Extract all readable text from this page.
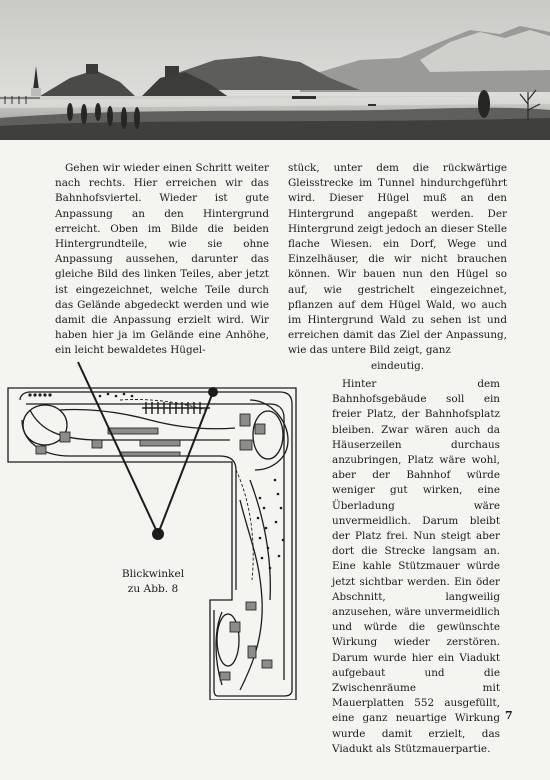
Gehen wir wieder einen Schritt weiter nach rechts. Hier erreichen wir das Bahnhofsviertel. Wieder ist gute Anpassung an den Hintergrund erreicht. Oben im Bilde die beiden Hintergrundteile, wie sie ohne Anpassung aussehen, darunter das gleiche Bild des linken Teiles, aber jetzt ist eingezeichnet, welche Teile durch das Gelände abgedeckt werden und wie damit die Anpassung erzielt wird. Wir haben hier ja im Gelände eine Anhöhe, ein leicht bewaldetes Hügel-

stück, unter dem die rückwärtige Gleisstrecke im Tunnel hindurchgeführt wird. Dieser Hügel muß an den Hintergrund angepaßt werden. Der Hintergrund zeigt jedoch an dieser Stelle flache Wiesen. ein Dorf, Wege und Einzelhäuser, die wir nicht brauchen können. Wir bauen nun den Hügel so auf, wie gestrichelt eingezeichnet, pflanzen auf dem Hügel Wald, wo auch im Hintergrund Wald zu sehen ist und erreichen damit das Ziel der Anpassung, wie das untere Bild zeigt, ganz

eindeutig.

Hinter dem Bahnhofsgebäude soll ein freier Platz, der Bahnhofsplatz bleiben. Zwar wären auch da Häuserzeilen durchaus anzubringen, Platz wäre wohl, aber der Bahnhof würde weniger gut wirken, eine Überladung wäre unvermeidlich. Darum bleibt der Platz frei. Nun steigt aber dort die Strecke langsam an. Eine kahle Stützmauer würde jetzt sichtbar werden. Ein öder Abschnitt, langweilig anzusehen, wäre unvermeidlich und würde die gewünschte Wirkung wieder zerstören. Darum wurde hier ein Viadukt aufgebaut und die Zwischenräume mit Mauerplatten 552 ausgefüllt, eine ganz neuartige Wirkung wurde damit erzielt, das Viadukt als Stützmauerpartie.

Blickwinkel
zu Abb. 8
7
